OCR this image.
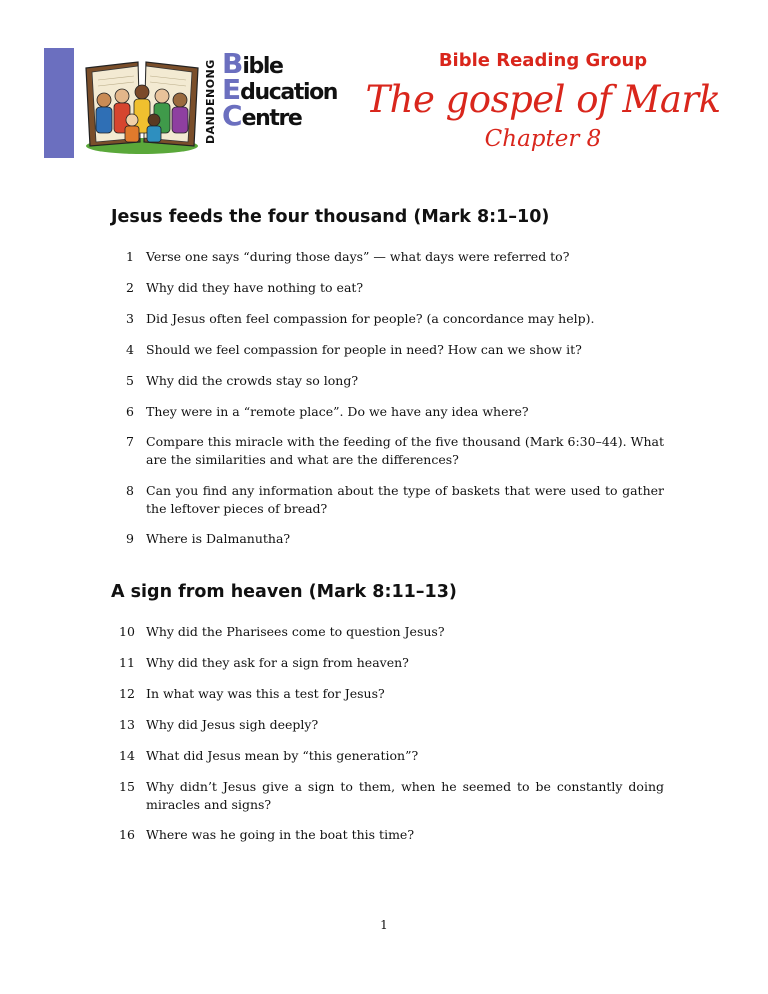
DANDENONG Bible
Education
Centre
Bible Reading Group
The gospel of Mark
Chapter 8
Jesus feeds the four thousand (Mark 8:1–10)
1 Verse one says “during those days” — what days were referred to?
2 Why did they have nothing to eat?
3 Did Jesus often feel compassion for people? (a concordance may help).
4 Should we feel compassion for people in need? How can we show it?
5 Why did the crowds stay so long?
6 They were in a “remote place”. Do we have any idea where?
7 Compare this miracle with the feeding of the five thousand (Mark 6:30–44). What are the similarities and what are the differences?
8 Can you find any information about the type of baskets that were used to gather the leftover pieces of bread?
9 Where is Dalmanutha?
A sign from heaven (Mark 8:11–13)
10 Why did the Pharisees come to question Jesus?
11 Why did they ask for a sign from heaven?
12 In what way was this a test for Jesus?
13 Why did Jesus sigh deeply?
14 What did Jesus mean by “this generation”?
15 Why didn’t Jesus give a sign to them, when he seemed to be constantly doing miracles and signs?
16 Where was he going in the boat this time?
1
